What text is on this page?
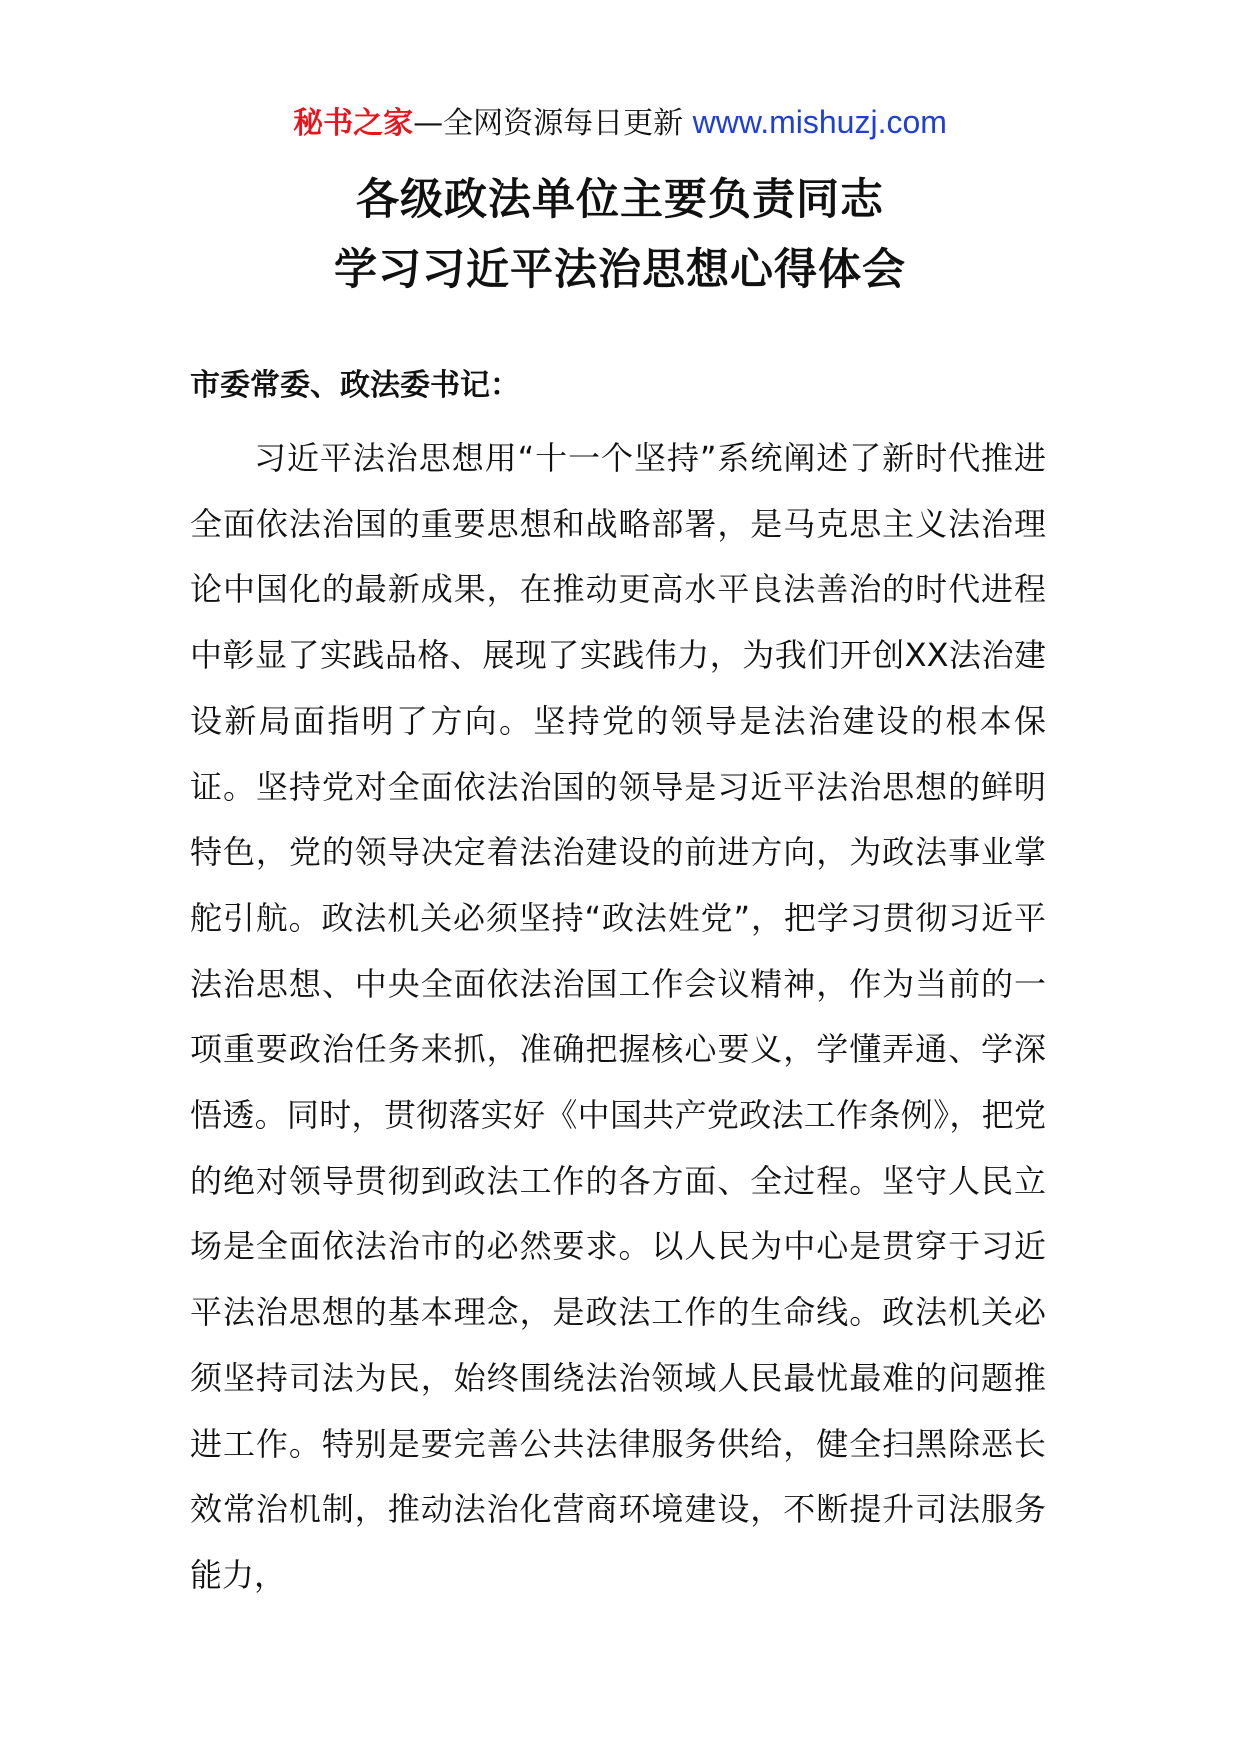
秘书之家—全网资源每日更新 www.mishuzj.com
各级政法单位主要负责同志
学习习近平法治思想心得体会
市委常委、政法委书记：

习近平法治思想用“十一个坚持”系统阐述了新时代推进全面依法治国的重要思想和战略部署，是马克思主义法治理论中国化的最新成果，在推动更高水平良法善治的时代进程中彰显了实践品格、展现了实践伟力，为我们开创XX法治建设新局面指明了方向。坚持党的领导是法治建设的根本保证。坚持党对全面依法治国的领导是习近平法治思想的鲜明特色，党的领导决定着法治建设的前进方向，为政法事业掌舵引航。政法机关必须坚持“政法姓党”，把学习贯彻习近平法治思想、中央全面依法治国工作会议精神，作为当前的一项重要政治任务来抓，准确把握核心要义，学懂弄通、学深悟透。同时，贯彻落实好《中国共产党政法工作条例》，把党的绝对领导贯彻到政法工作的各方面、全过程。坚守人民立场是全面依法治市的必然要求。以人民为中心是贯穿于习近平法治思想的基本理念，是政法工作的生命线。政法机关必须坚持司法为民，始终围绕法治领域人民最忧最难的问题推进工作。特别是要完善公共法律服务供给，健全扫黑除恶长效常治机制，推动法治化营商环境建设，不断提升司法服务能力，
